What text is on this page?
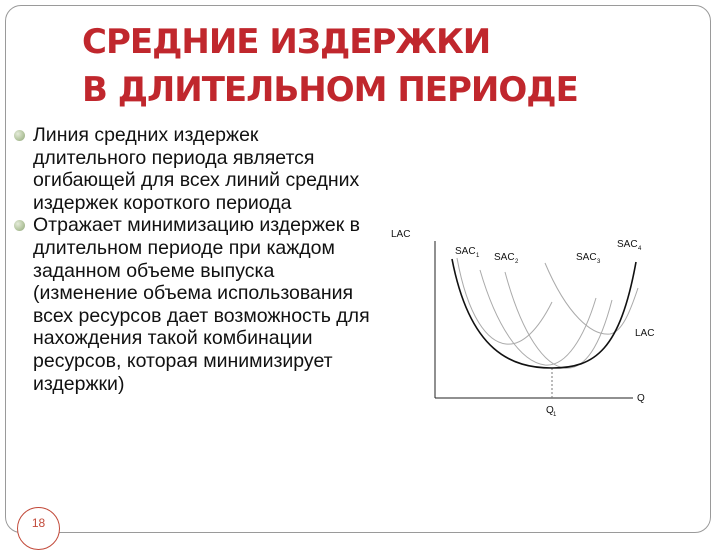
СРЕДНИЕ ИЗДЕРЖКИ
В ДЛИТЕЛЬНОМ ПЕРИОДЕ
Линия средних издержек длительного периода является огибающей для всех линий средних издержек короткого периода
Отражает минимизацию издержек в длительном периоде при каждом заданном объеме выпуска (изменение объема использования всех ресурсов дает возможность для нахождения такой комбинации ресурсов, которая минимизирует издержки)
LAC
Q
LAC
Q 1
SAC 1 SAC 2	SAC 3
SAC 4
18
